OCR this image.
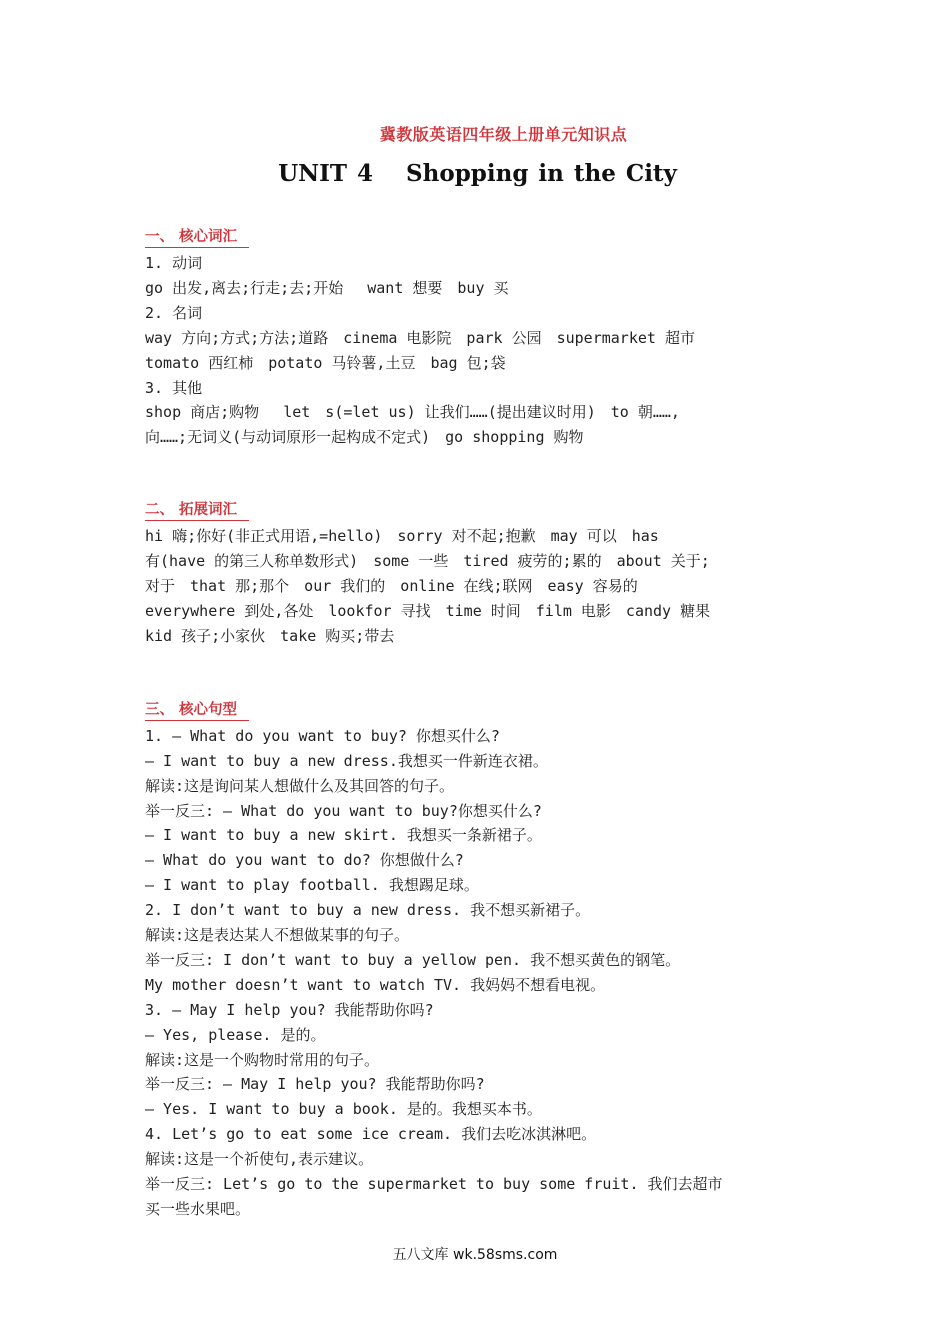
冀教版英语四年级上册单元知识点
UNIT 4　 Shopping in the City
一、 核心词汇

1. 动词

go 出发,离去;行走;去;开始　 want 想要　buy 买

2. 名词

way 方向;方式;方法;道路　cinema 电影院　park 公园　supermarket 超市

tomato 西红柿　potato 马铃薯,土豆　bag 包;袋

3. 其他

shop 商店;购物　 let　s(=let us) 让我们……(提出建议时用)　to 朝……,

向……;无词义(与动词原形一起构成不定式)　go shopping 购物

二、 拓展词汇

hi 嗨;你好(非正式用语,=hello)　sorry 对不起;抱歉　may 可以　has

有(have 的第三人称单数形式)　some 一些　tired 疲劳的;累的　about 关于;

对于　that 那;那个　our 我们的　online 在线;联网　easy 容易的

everywhere 到处,各处　lookfor 寻找　time 时间　film 电影　candy 糖果

kid 孩子;小家伙　take 购买;带去

三、 核心句型

1. — What do you want to buy? 你想买什么?

— I want to buy a new dress.我想买一件新连衣裙。

解读:这是询问某人想做什么及其回答的句子。

举一反三: — What do you want to buy?你想买什么?

— I want to buy a new skirt. 我想买一条新裙子。

— What do you want to do? 你想做什么?

— I want to play football. 我想踢足球。

2. I don’t want to buy a new dress. 我不想买新裙子。

解读:这是表达某人不想做某事的句子。

举一反三: I don’t want to buy a yellow pen. 我不想买黄色的钢笔。

My mother doesn’t want to watch TV. 我妈妈不想看电视。

3. — May I help you? 我能帮助你吗?

— Yes, please. 是的。

解读:这是一个购物时常用的句子。

举一反三: — May I help you? 我能帮助你吗?

— Yes. I want to buy a book. 是的。我想买本书。

4. Let’s go to eat some ice cream. 我们去吃冰淇淋吧。

解读:这是一个祈使句,表示建议。

举一反三: Let’s go to the supermarket to buy some fruit. 我们去超市

买一些水果吧。

五八文库 wk.58sms.com
